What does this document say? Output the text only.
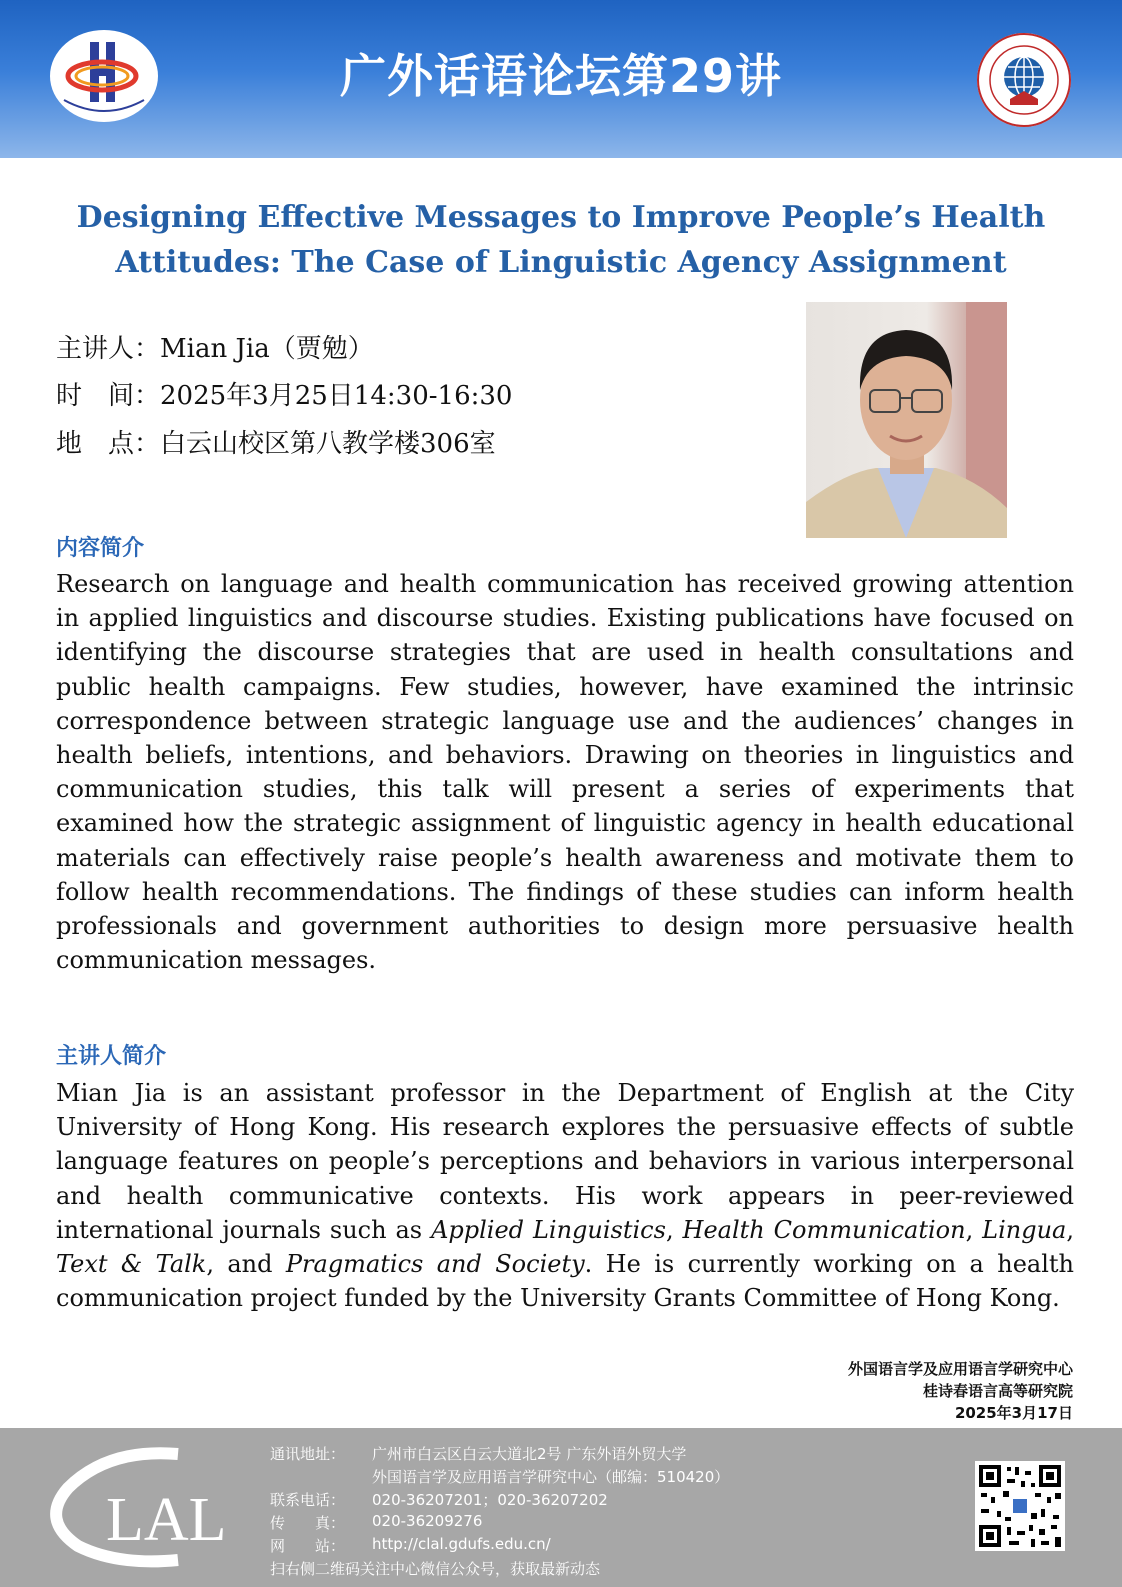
广外话语论坛第29讲
Designing Effective Messages to Improve People’s Health
Attitudes: The Case of Linguistic Agency Assignment
主讲人：Mian Jia（贾勉）
时　间：2025年3月25日14:30-16:30
地　点：白云山校区第八教学楼306室
内容简介

Research on language and health communication has received growing attention in applied linguistics and discourse studies. Existing publications have focused on identifying the discourse strategies that are used in health consultations and public health campaigns. Few studies, however, have examined the intrinsic correspondence between strategic language use and the audiences’ changes in health beliefs, intentions, and behaviors. Drawing on theories in linguistics and communication studies, this talk will present a series of experiments that examined how the strategic assignment of linguistic agency in health educational materials can effectively raise people’s health awareness and motivate them to follow health recommendations. The findings of these studies can inform health professionals and government authorities to design more persuasive health communication messages.

主讲人简介

Mian Jia is an assistant professor in the Department of English at the City University of Hong Kong. His research explores the persuasive effects of subtle language features on people’s perceptions and behaviors in various interpersonal and health communicative contexts. His work appears in peer-reviewed international journals such as Applied Linguistics, Health Communication, Lingua, Text & Talk, and Pragmatics and Society. He is currently working on a health communication project funded by the University Grants Committee of Hong Kong.

外国语言学及应用语言学研究中心
桂诗春语言高等研究院
2025年3月17日
LAL
通讯地址： 广州市白云区白云大道北2号 广东外语外贸大学
外国语言学及应用语言学研究中心（邮编：510420）
联系电话： 020-36207201；020-36207202
传　　真： 020-36209276
网　　站： http://clal.gdufs.edu.cn/
扫右侧二维码关注中心微信公众号，获取最新动态
